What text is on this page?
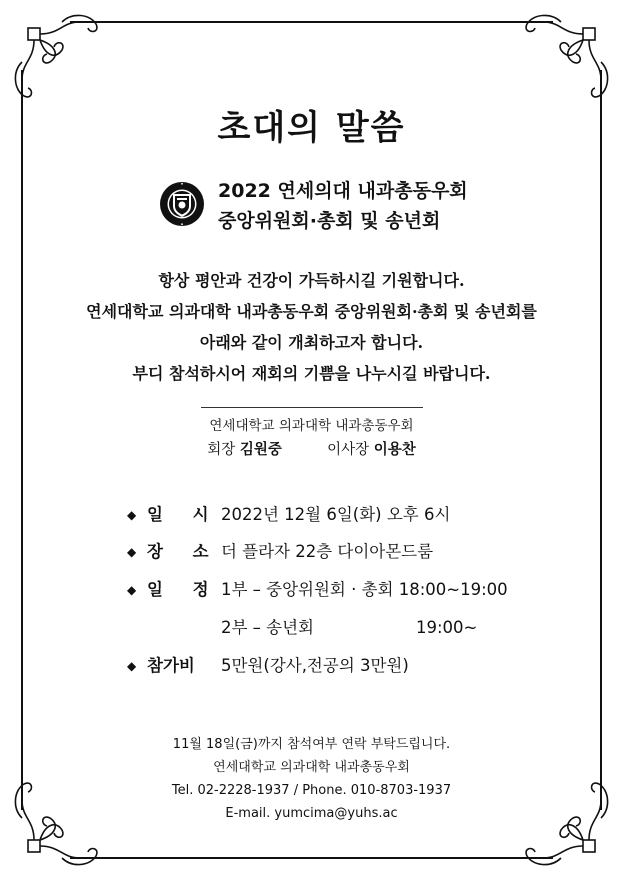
초대의 말씀
2022 연세의대 내과총동우회
중앙위원회·총회 및 송년회
항상 평안과 건강이 가득하시길 기원합니다.
연세대학교 의과대학 내과총동우회 중앙위원회·총회 및 송년회를
아래와 같이 개최하고자 합니다.
부디 참석하시어 재회의 기쁨을 나누시길 바랍니다.
연세대학교 의과대학 내과총동우회
회장 김원중	이사장 이용찬
◆ 일 시 2022년 12월 6일(화) 오후 6시
◆ 장 소 더 플라자 22층 다이아몬드룸
◆ 일 정 1부 – 중앙위원회 · 총회 18:00~19:00
2부 – 송년회	19:00~
◆ 참가비	5만원(강사,전공의 3만원)
11월 18일(금)까지 참석여부 연락 부탁드립니다.
연세대학교 의과대학 내과총동우회
Tel. 02-2228-1937 / Phone. 010-8703-1937
E-mail. yumcima@yuhs.ac
